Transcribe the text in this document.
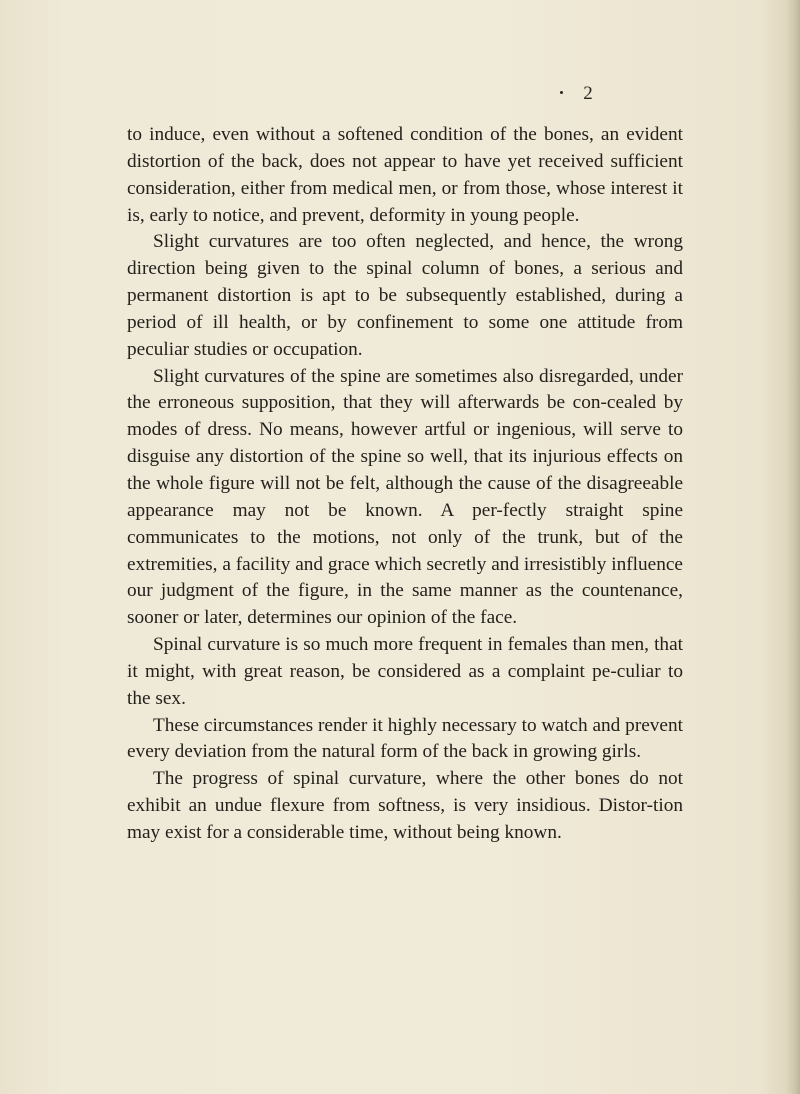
2

to induce, even without a softened condition of the bones, an evident distortion of the back, does not appear to have yet received sufficient consideration, either from medical men, or from those, whose interest it is, early to notice, and prevent, deformity in young people.

Slight curvatures are too often neglected, and hence, the wrong direction being given to the spinal column of bones, a serious and permanent distortion is apt to be subsequently established, during a period of ill health, or by confinement to some one attitude from peculiar studies or occupation.

Slight curvatures of the spine are sometimes also disregarded, under the erroneous supposition, that they will afterwards be con-cealed by modes of dress. No means, however artful or ingenious, will serve to disguise any distortion of the spine so well, that its injurious effects on the whole figure will not be felt, although the cause of the disagreeable appearance may not be known. A per-fectly straight spine communicates to the motions, not only of the trunk, but of the extremities, a facility and grace which secretly and irresistibly influence our judgment of the figure, in the same manner as the countenance, sooner or later, determines our opinion of the face.

Spinal curvature is so much more frequent in females than men, that it might, with great reason, be considered as a complaint pe-culiar to the sex.

These circumstances render it highly necessary to watch and prevent every deviation from the natural form of the back in growing girls.

The progress of spinal curvature, where the other bones do not exhibit an undue flexure from softness, is very insidious. Distor-tion may exist for a considerable time, without being known.
